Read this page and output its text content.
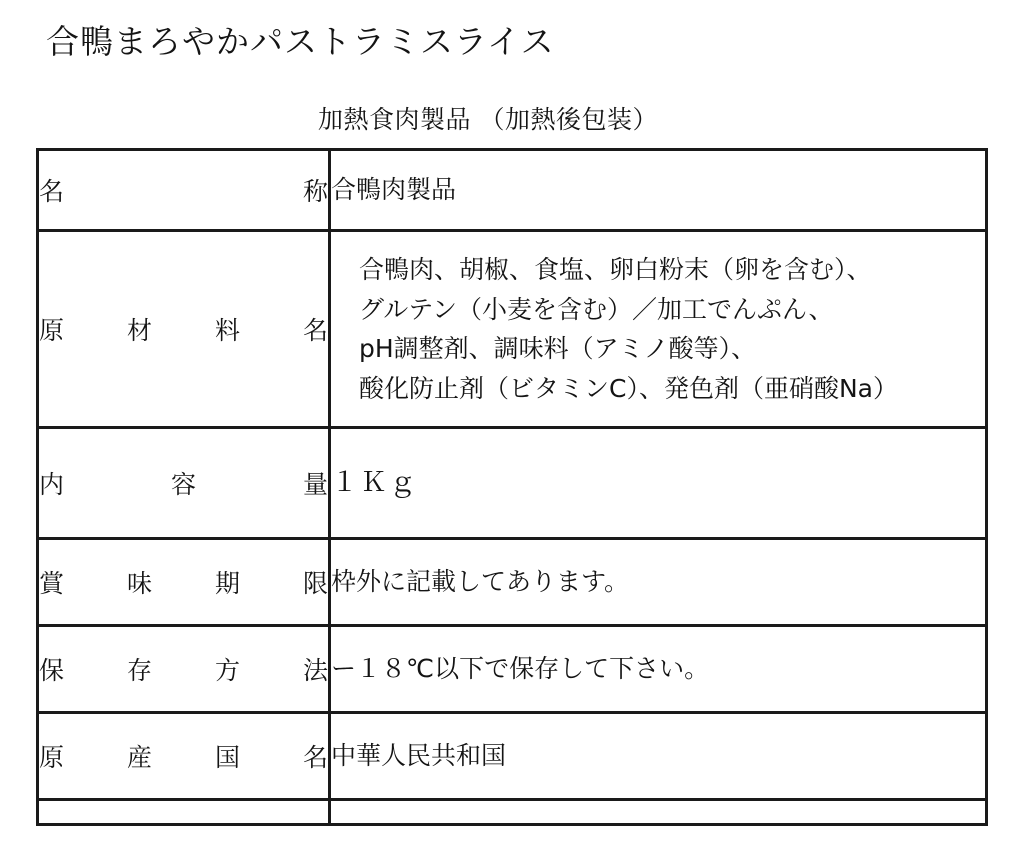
合鴨まろやかパストラミスライス
加熱食肉製品 （加熱後包装）
名 称	合鴨肉製品

原 材 料 名	合鴨肉、胡椒、食塩、卵白粉末（卵を含む）、
グルテン（小麦を含む）／加工でんぷん、
pH調整剤、調味料（アミノ酸等）、
酸化防止剤（ビタミンC）、発色剤（亜硝酸Na）

内 容 量	１Ｋｇ

賞 味 期 限	枠外に記載してあります。

保 存 方 法	ー１８℃以下で保存して下さい。

原 産 国 名	中華人民共和国
